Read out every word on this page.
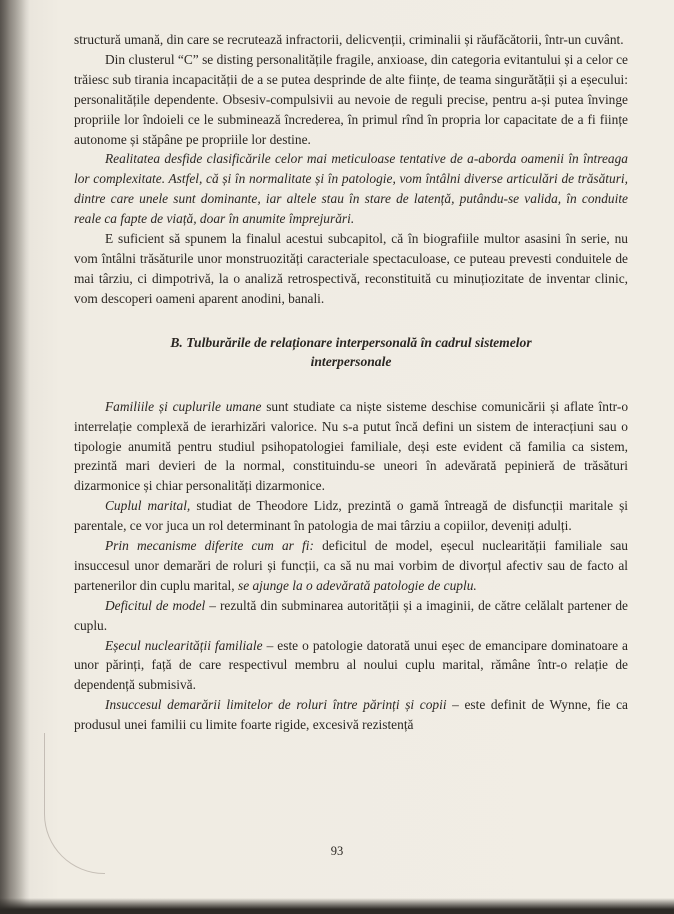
structură umană, din care se recrutează infractorii, delicvenții, criminalii și răufăcătorii, într-un cuvânt.

Din clusterul “C” se disting personalitățile fragile, anxioase, din categoria evitantului și a celor ce trăiesc sub tirania incapacității de a se putea desprinde de alte ființe, de teama singurătății și a eșecului: personalitățile dependente. Obsesiv-compulsivii au nevoie de reguli precise, pentru a-și putea învinge propriile lor îndoieli ce le subminează încrederea, în primul rînd în propria lor capacitate de a fi ființe autonome și stăpâne pe propriile lor destine.

Realitatea desfide clasificările celor mai meticuloase tentative de a-aborda oamenii în întreaga lor complexitate. Astfel, că și în normalitate și în patologie, vom întâlni diverse articulări de trăsături, dintre care unele sunt dominante, iar altele stau în stare de latență, putându-se valida, în conduite reale ca fapte de viață, doar în anumite împrejurări.

E suficient să spunem la finalul acestui subcapitol, că în biografiile multor asasini în serie, nu vom întâlni trăsăturile unor monstruozități caracteriale spectaculoase, ce puteau prevesti conduitele de mai târziu, ci dimpotrivă, la o analiză retrospectivă, reconstituită cu minuțiozitate de inventar clinic, vom descoperi oameni aparent anodini, banali.

B. Tulburările de relaționare interpersonală în cadrul sistemelor
interpersonale

Familiile și cuplurile umane sunt studiate ca niște sisteme deschise comunicării și aflate într-o interrelație complexă de ierarhizări valorice. Nu s-a putut încă defini un sistem de interacțiuni sau o tipologie anumită pentru studiul psihopatologiei familiale, deși este evident că familia ca sistem, prezintă mari devieri de la normal, constituindu-se uneori în adevărată pepinieră de trăsături dizarmonice și chiar personalități dizarmonice.

Cuplul marital, studiat de Theodore Lidz, prezintă o gamă întreagă de disfuncții maritale și parentale, ce vor juca un rol determinant în patologia de mai târziu a copiilor, deveniți adulți.

Prin mecanisme diferite cum ar fi: deficitul de model, eșecul nuclearității familiale sau insuccesul unor demarări de roluri și funcții, ca să nu mai vorbim de divorțul afectiv sau de facto al partenerilor din cuplu marital, se ajunge la o adevărată patologie de cuplu.

Deficitul de model – rezultă din subminarea autorității și a imaginii, de către celălalt partener de cuplu.

Eșecul nuclearității familiale – este o patologie datorată unui eșec de emancipare dominatoare a unor părinți, față de care respectivul membru al noului cuplu marital, rămâne într-o relație de dependență submisivă.

Insuccesul demarării limitelor de roluri între părinți și copii – este definit de Wynne, fie ca produsul unei familii cu limite foarte rigide, excesivă rezistență

93
